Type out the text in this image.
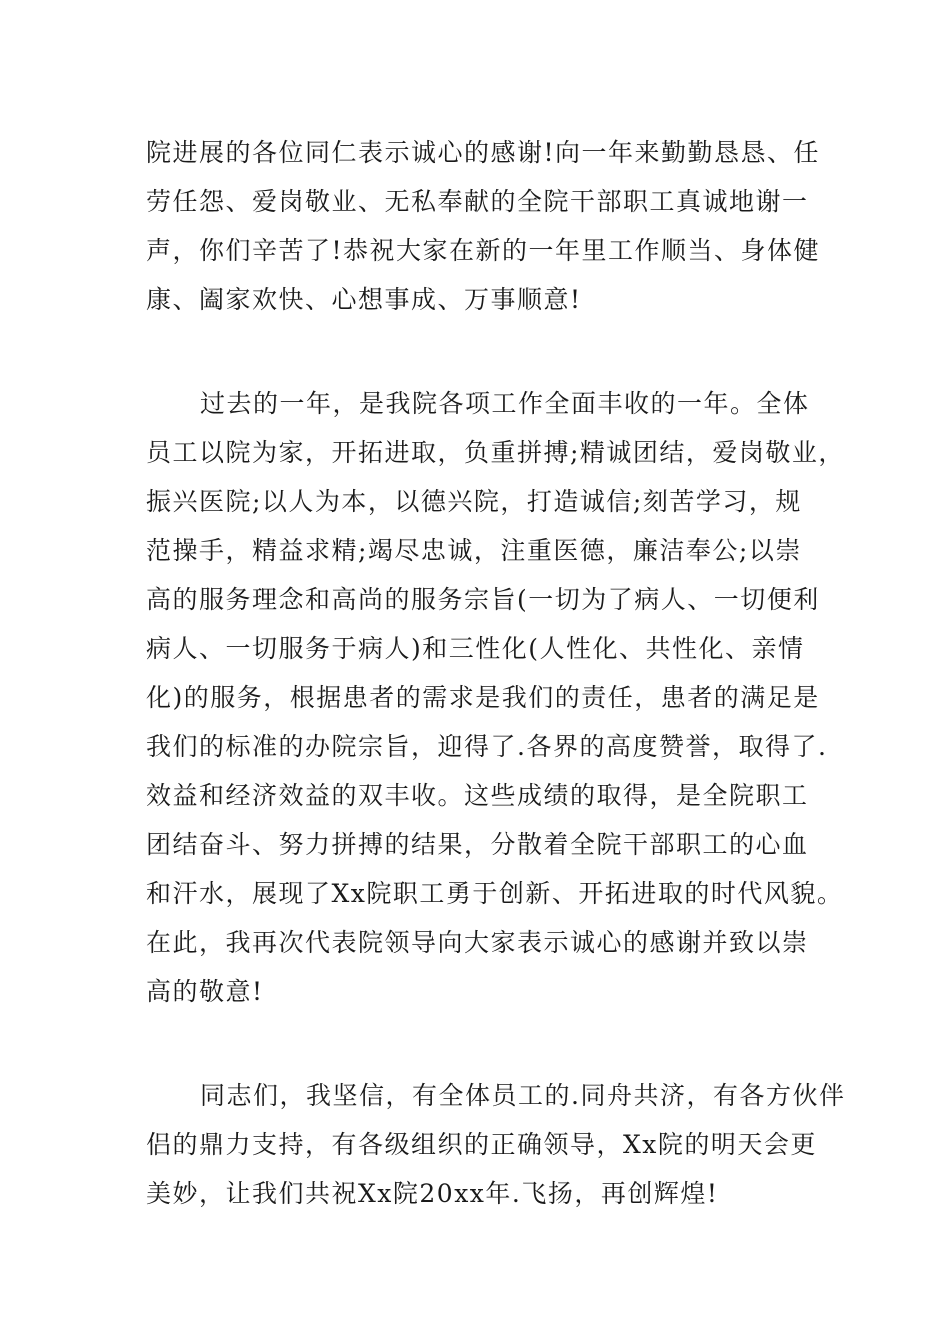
院进展的各位同仁表示诚心的感谢!向一年来勤勤恳恳、任
劳任怨、爱岗敬业、无私奉献的全院干部职工真诚地谢一
声，你们辛苦了!恭祝大家在新的一年里工作顺当、身体健
康、阖家欢快、心想事成、万事顺意!
过去的一年，是我院各项工作全面丰收的一年。全体
员工以院为家，开拓进取，负重拼搏;精诚团结，爱岗敬业，
振兴医院;以人为本，以德兴院，打造诚信;刻苦学习，规
范操手，精益求精;竭尽忠诚，注重医德，廉洁奉公;以崇
高的服务理念和高尚的服务宗旨(一切为了病人、一切便利
病人、一切服务于病人)和三性化(人性化、共性化、亲情
化)的服务，根据患者的需求是我们的责任，患者的满足是
我们的标准的办院宗旨，迎得了.各界的高度赞誉，取得了.
效益和经济效益的双丰收。这些成绩的取得，是全院职工
团结奋斗、努力拼搏的结果，分散着全院干部职工的心血
和汗水，展现了Xx院职工勇于创新、开拓进取的时代风貌。
在此，我再次代表院领导向大家表示诚心的感谢并致以崇
高的敬意!
同志们，我坚信，有全体员工的.同舟共济，有各方伙伴
侣的鼎力支持，有各级组织的正确领导，Xx院的明天会更
美妙，让我们共祝Xx院20xx年.飞扬，再创辉煌!
